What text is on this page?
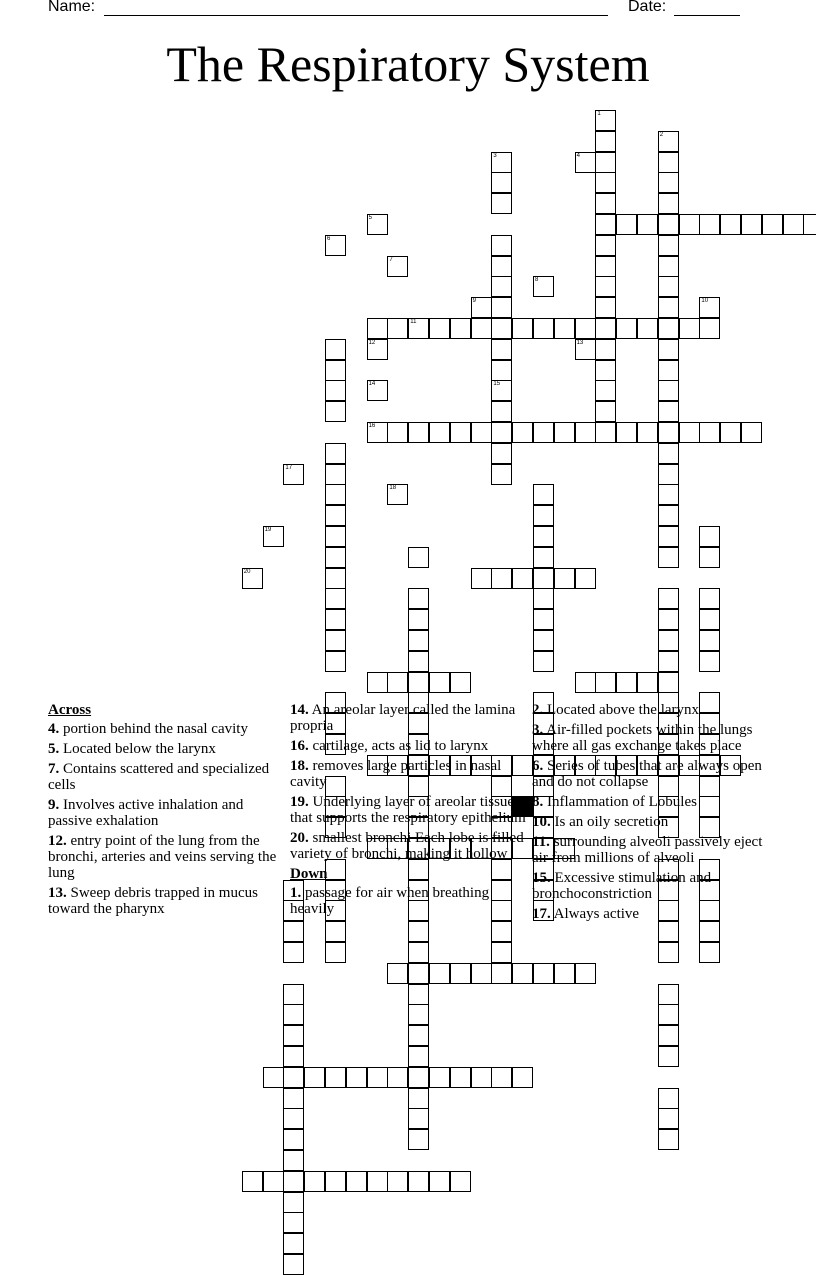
Name:	Date:
The Respiratory System
11
1
2
3
15
4
5
6
7
8
9	10
12	13
14
16
17
18
19
20
Across
4. portion behind the nasal cavity
5. Located below the larynx
7. Contains scattered and specialized cells
9. Involves active inhalation and passive exhalation
12. entry point of the lung from the bronchi, arteries and veins serving the lung
13. Sweep debris trapped in mucus toward the pharynx
14. An areolar layer called the lamina propria
16. cartilage, acts as lid to larynx
18. removes large particles in nasal cavity
19. Underlying layer of areolar tissue that supports the respiratory epithelium
20. smallest bronchi Each lobe is filled variety of bronchi, making it hollow
Down
1. passage for air when breathing heavily
2. Located above the larynx
3. Air-filled pockets within the lungs where all gas exchange takes place
6. Series of tubes that are always open and do not collapse
8. Inflammation of Lobules
10. Is an oily secretion
11. surrounding alveoli passively eject air from millions of alveoli
15. Excessive stimulation and bronchoconstriction
17. Always active
